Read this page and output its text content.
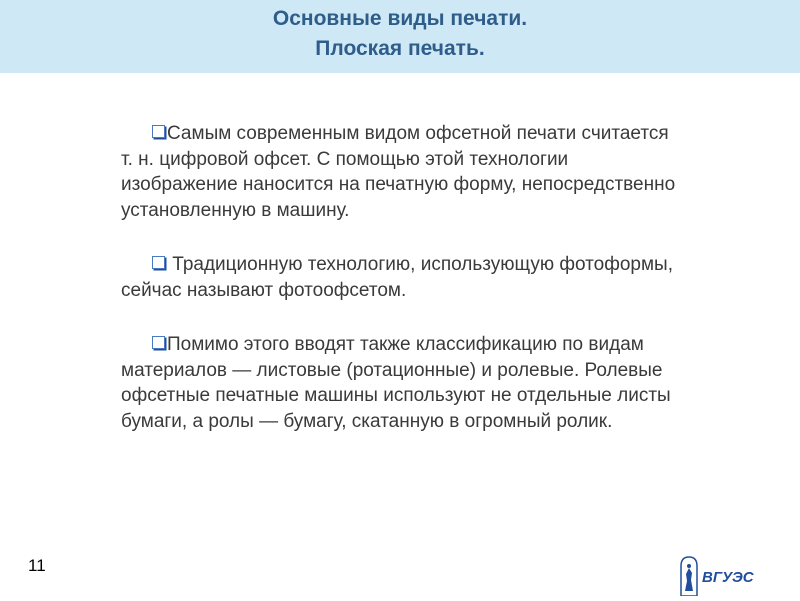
Основные виды печати.
Плоская печать.

Самым современным видом офсетной печати считается т. н. цифровой офсет. С помощью этой технологии изображение наносится на печатную форму, непосредственно установленную в машину.

Традиционную технологию, использующую фотоформы, сейчас называют фотоофсетом.

Помимо этого вводят также классификацию по видам материалов — листовые (ротационные) и ролевые. Ролевые офсетные печатные машины используют не отдельные листы бумаги, а ролы — бумагу, скатанную в огромный ролик.

11
ВГУЭС
